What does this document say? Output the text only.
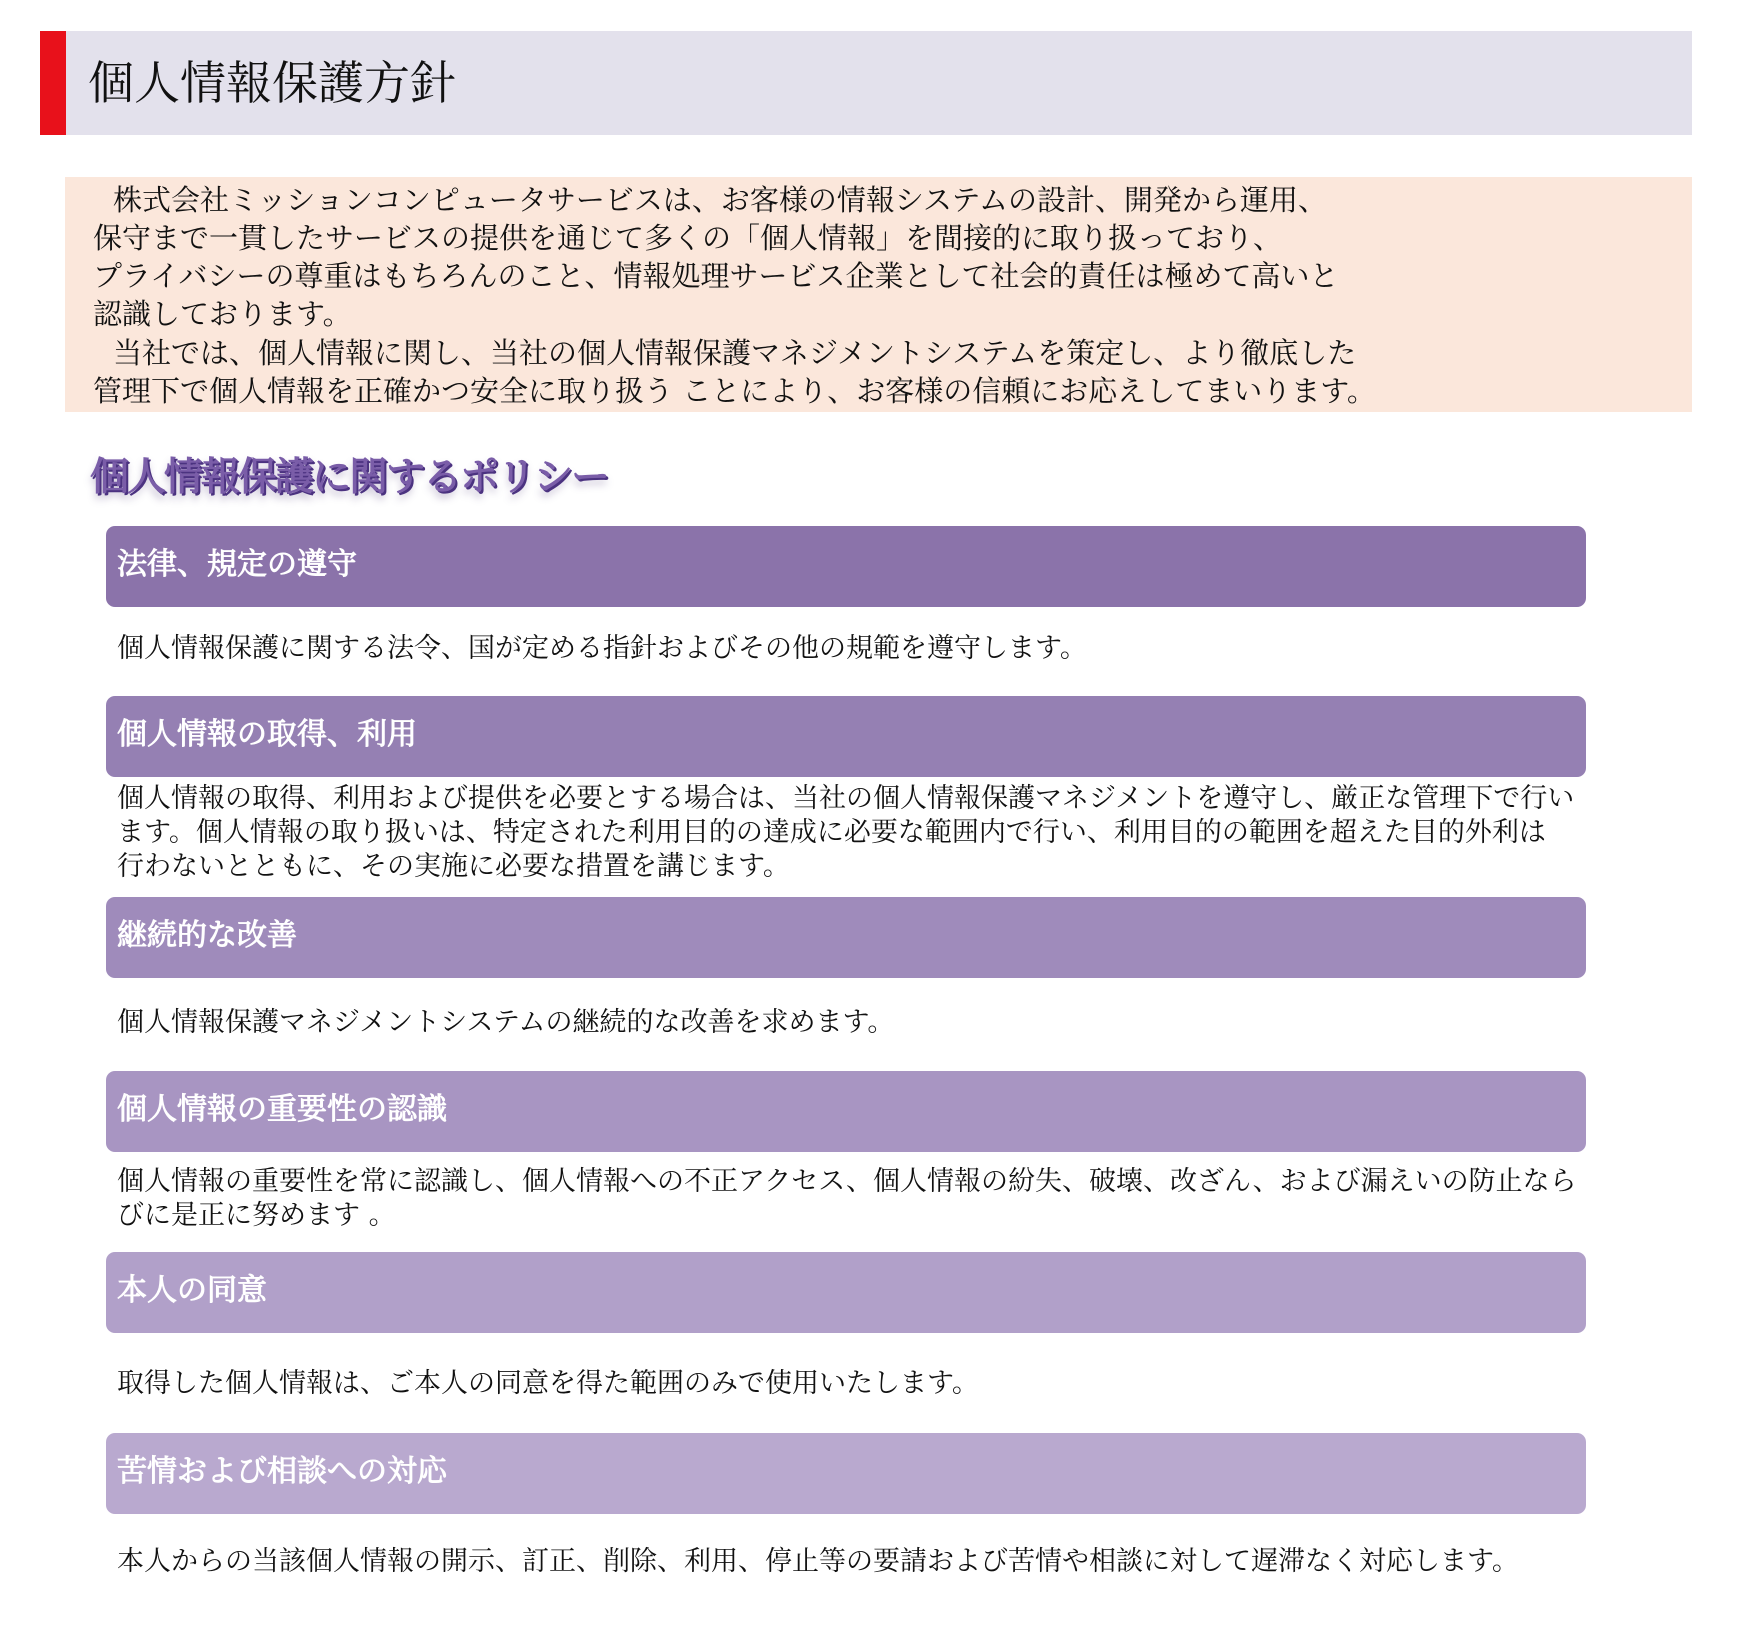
個人情報保護方針
株式会社ミッションコンピュータサービスは、お客様の情報システムの設計、開発から運用、
保守まで一貫したサービスの提供を通じて多くの「個人情報」を間接的に取り扱っており、
プライバシーの尊重はもちろんのこと、情報処理サービス企業として社会的責任は極めて高いと
認識しております。
当社では、個人情報に関し、当社の個人情報保護マネジメントシステムを策定し、より徹底した
管理下で個人情報を正確かつ安全に取り扱う ことにより、お客様の信頼にお応えしてまいります。
個人情報保護に関するポリシー
法律、規定の遵守
個人情報保護に関する法令、国が定める指針およびその他の規範を遵守します。
個人情報の取得、利用
個人情報の取得、利用および提供を必要とする場合は、当社の個人情報保護マネジメントを遵守し、厳正な管理下で行い
ます。個人情報の取り扱いは、特定された利用目的の達成に必要な範囲内で行い、利用目的の範囲を超えた目的外利は
行わないとともに、その実施に必要な措置を講じます。
継続的な改善
個人情報保護マネジメントシステムの継続的な改善を求めます。
個人情報の重要性の認識
個人情報の重要性を常に認識し、個人情報への不正アクセス、個人情報の紛失、破壊、改ざん、および漏えいの防止なら
びに是正に努めます 。
本人の同意
取得した個人情報は、ご本人の同意を得た範囲のみで使用いたします。
苦情および相談への対応
本人からの当該個人情報の開示、訂正、削除、利用、停止等の要請および苦情や相談に対して遅滞なく対応します。
